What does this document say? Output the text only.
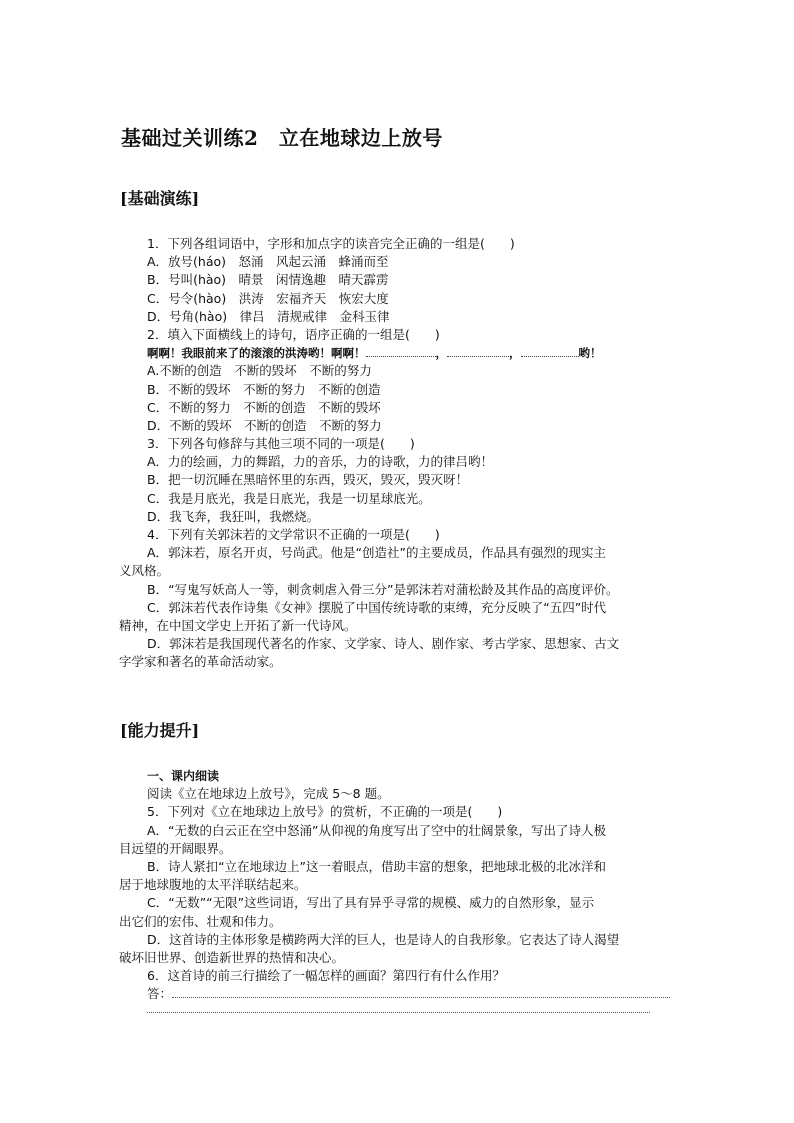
基础过关训练2　立在地球边上放号
[基础演练]
1．下列各组词语中，字形和加点字的读音完全正确的一组是(　　)
A．放号(háo)　怒涌　风起云涌　蜂涌而至
B．号叫(hào)　晴景　闲情逸趣　晴天霹雳
C．号令(hào)　洪涛　宏福齐天　恢宏大度
D．号角(hào)　律吕　清规戒律　金科玉律
2．填入下面横线上的诗句，语序正确的一组是(　　)
啊啊！我眼前来了的滚滚的洪涛哟！啊啊！	，	，	哟！
A.不断的创造　不断的毁坏　不断的努力
B．不断的毁坏　不断的努力　不断的创造
C．不断的努力　不断的创造　不断的毁坏
D．不断的毁坏　不断的创造　不断的努力
3．下列各句修辞与其他三项不同的一项是(　　)
A．力的绘画，力的舞蹈，力的音乐，力的诗歌，力的律吕哟！
B．把一切沉睡在黑暗怀里的东西，毁灭，毁灭，毁灭呀！
C．我是月底光，我是日底光，我是一切星球底光。
D．我飞奔，我狂叫，我燃烧。
4．下列有关郭沫若的文学常识不正确的一项是(　　)
A．郭沫若，原名开贞，号尚武。他是“创造社”的主要成员，作品具有强烈的现实主
义风格。
B．“写鬼写妖高人一等，刺贪刺虐入骨三分”是郭沫若对蒲松龄及其作品的高度评价。
C．郭沫若代表作诗集《女神》摆脱了中国传统诗歌的束缚，充分反映了“五四”时代
精神，在中国文学史上开拓了新一代诗风。
D．郭沫若是我国现代著名的作家、文学家、诗人、剧作家、考古学家、思想家、古文
字学家和著名的革命活动家。
[能力提升]
一、课内细读
阅读《立在地球边上放号》，完成 5～8 题。
5．下列对《立在地球边上放号》的赏析，不正确的一项是(　　)
A．“无数的白云正在空中怒涌”从仰视的角度写出了空中的壮阔景象，写出了诗人极
目远望的开阔眼界。
B．诗人紧扣“立在地球边上”这一着眼点，借助丰富的想象，把地球北极的北冰洋和
居于地球腹地的太平洋联结起来。
C．“无数”“无限”这些词语，写出了具有异乎寻常的规模、威力的自然形象，显示
出它们的宏伟、壮观和伟力。
D．这首诗的主体形象是横跨两大洋的巨人，也是诗人的自我形象。它表达了诗人渴望
破坏旧世界、创造新世界的热情和决心。
6．这首诗的前三行描绘了一幅怎样的画面？第四行有什么作用？
答：
